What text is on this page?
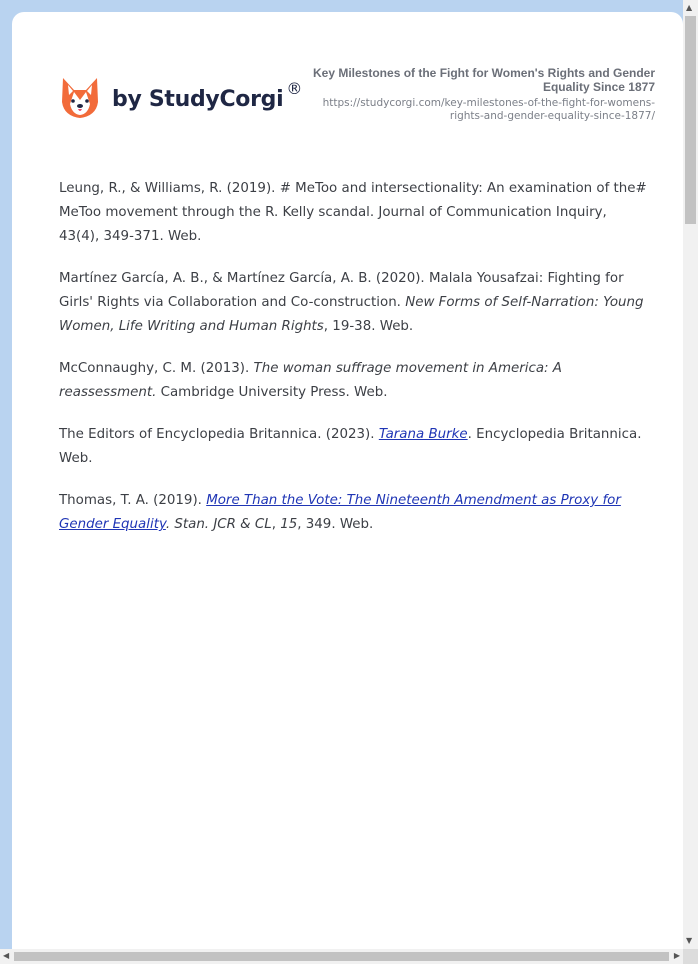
by StudyCorgi ®
Key Milestones of the Fight for Women's Rights and Gender Equality Since 1877
https://studycorgi.com/key-milestones-of-the-fight-for-womens-rights-and-gender-equality-since-1877/

Leung, R., & Williams, R. (2019). # MeToo and intersectionality: An examination of the# MeToo movement through the R. Kelly scandal. Journal of Communication Inquiry, 43(4), 349-371. Web.

Martínez García, A. B., & Martínez García, A. B. (2020). Malala Yousafzai: Fighting for Girls' Rights via Collaboration and Co-construction. New Forms of Self-Narration: Young Women, Life Writing and Human Rights, 19-38. Web.

McConnaughy, C. M. (2013). The woman suffrage movement in America: A reassessment. Cambridge University Press. Web.

The Editors of Encyclopedia Britannica. (2023). Tarana Burke. Encyclopedia Britannica. Web.

Thomas, T. A. (2019). More Than the Vote: The Nineteenth Amendment as Proxy for Gender Equality. Stan. JCR & CL, 15, 349. Web.

▲
▼
◀	▶
